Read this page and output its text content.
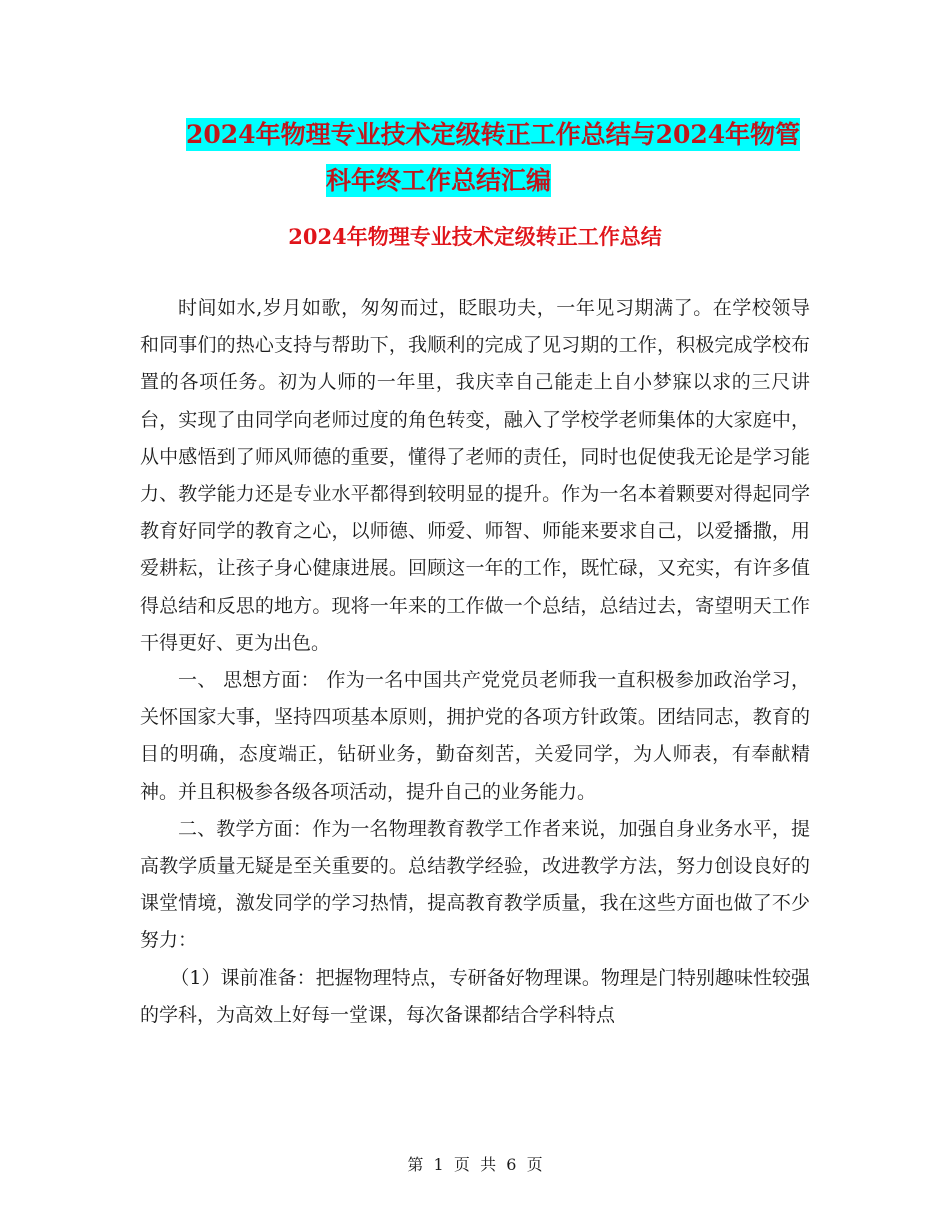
2024年物理专业技术定级转正工作总结与2024年物管
科年终工作总结汇编
2024年物理专业技术定级转正工作总结

时间如水,岁月如歌，匆匆而过，眨眼功夫，一年见习期满了。在学校领导和同事们的热心支持与帮助下，我顺利的完成了见习期的工作，积极完成学校布置的各项任务。初为人师的一年里，我庆幸自己能走上自小梦寐以求的三尺讲台，实现了由同学向老师过度的角色转变，融入了学校学老师集体的大家庭中，从中感悟到了师风师德的重要，懂得了老师的责任，同时也促使我无论是学习能力、教学能力还是专业水平都得到较明显的提升。作为一名本着颗要对得起同学教育好同学的教育之心，以师德、师爱、师智、师能来要求自己，以爱播撒，用爱耕耘，让孩子身心健康进展。回顾这一年的工作，既忙碌，又充实，有许多值得总结和反思的地方。现将一年来的工作做一个总结，总结过去，寄望明天工作干得更好、更为出色。

一、 思想方面： 作为一名中国共产党党员老师我一直积极参加政治学习，关怀国家大事，坚持四项基本原则，拥护党的各项方针政策。团结同志，教育的目的明确，态度端正，钻研业务，勤奋刻苦，关爱同学，为人师表，有奉献精神。并且积极参各级各项活动，提升自己的业务能力。

二、教学方面：作为一名物理教育教学工作者来说，加强自身业务水平，提高教学质量无疑是至关重要的。总结教学经验，改进教学方法，努力创设良好的课堂情境，激发同学的学习热情，提高教育教学质量，我在这些方面也做了不少努力：

（1）课前准备：把握物理特点，专研备好物理课。物理是门特别趣味性较强的学科，为高效上好每一堂课，每次备课都结合学科特点

第  1  页  共  6  页
